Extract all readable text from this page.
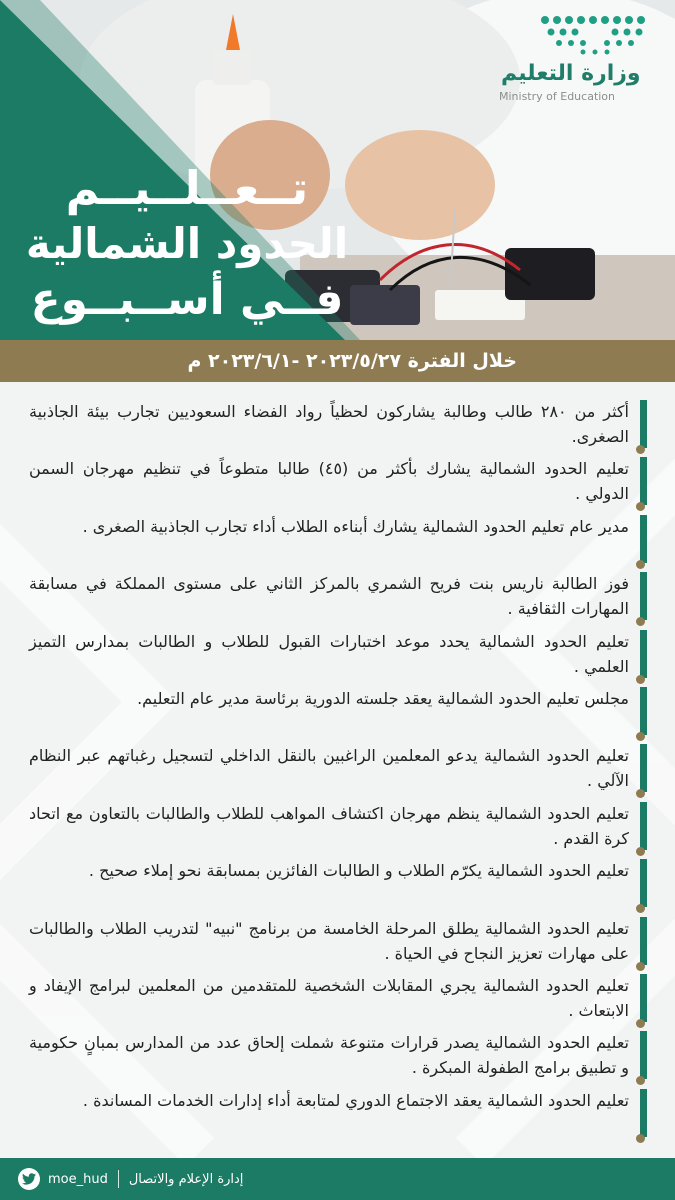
تــعــلــيــم
الحدود الشمالية
فــي أســبــوع
وزارة التعليم
Ministry of Education
خلال الفترة ٢٠٢٣/٥/٢٧ -٢٠٢٣/٦/١ م

أكثر من ٢٨٠ طالب وطالبة يشاركون لحظياً رواد الفضاء السعوديين تجارب بيئة الجاذبية الصغرى.

تعليم الحدود الشمالية يشارك بأكثر من (٤٥) طالبا متطوعاً في تنظيم مهرجان السمن الدولي .

مدير عام تعليم الحدود الشمالية يشارك أبناءه الطلاب أداء تجارب الجاذبية الصغرى .

فوز الطالبة ناريس بنت فريح الشمري بالمركز الثاني على مستوى المملكة في مسابقة المهارات الثقافية .

تعليم الحدود الشمالية يحدد موعد اختبارات القبول للطلاب و الطالبات بمدارس التميز العلمي .

مجلس تعليم الحدود الشمالية يعقد جلسته الدورية برئاسة مدير عام التعليم.

تعليم الحدود الشمالية يدعو المعلمين الراغبين بالنقل الداخلي لتسجيل رغباتهم عبر النظام الآلي .

تعليم الحدود الشمالية ينظم مهرجان اكتشاف المواهب للطلاب والطالبات بالتعاون مع اتحاد كرة القدم .

تعليم الحدود الشمالية يكرّم الطلاب و الطالبات الفائزين بمسابقة نحو إملاء صحيح .

تعليم الحدود الشمالية يطلق المرحلة الخامسة من برنامج "نبيه" لتدريب الطلاب والطالبات على مهارات تعزيز النجاح في الحياة .

تعليم الحدود الشمالية يجري المقابلات الشخصية للمتقدمين من المعلمين لبرامج الإيفاد و الابتعاث .

تعليم الحدود الشمالية يصدر قرارات متنوعة شملت إلحاق عدد من المدارس بمبانٍ حكومية و تطبيق برامج الطفولة المبكرة .

تعليم الحدود الشمالية يعقد الاجتماع الدوري لمتابعة أداء إدارات الخدمات المساندة .

moe_hud إدارة الإعلام والاتصال
